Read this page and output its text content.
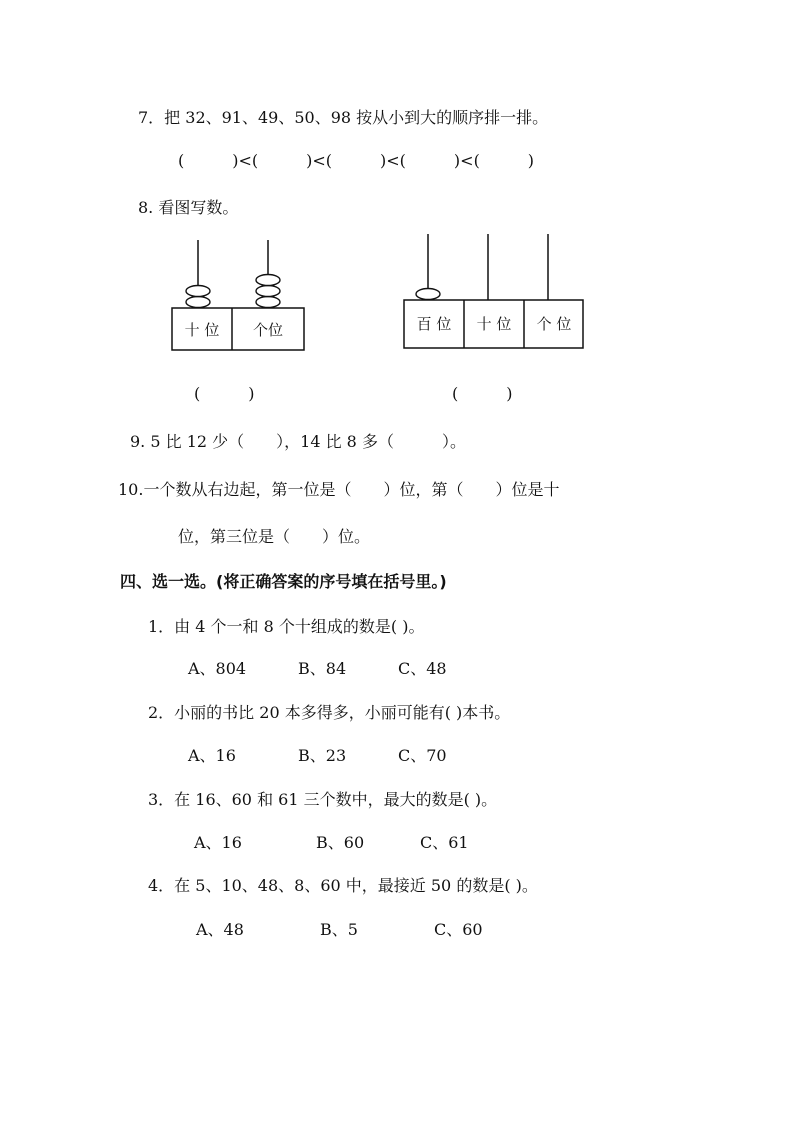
7．把 32、91、49、50、98 按从小到大的顺序排一排。
(　　　)<(　　　)<(　　　)<(　　　)<(　　　)
8. 看图写数。
十 位 个位	百 位 十 位 个 位
(　　　)	(　　　)
9. 5 比 12 少（　　），14 比 8 多（　　　）。
10.一个数从右边起，第一位是（　　）位，第（　　）位是十
位，第三位是（　　）位。
四、选一选。(将正确答案的序号填在括号里。)
1．由 4 个一和 8 个十组成的数是( )。
A、804	B、84	C、48
2．小丽的书比 20 本多得多，小丽可能有( )本书。
A、16	B、23	C、70
3．在 16、60 和 61 三个数中，最大的数是( )。
A、16	B、60	C、61
4．在 5、10、48、8、60 中，最接近 50 的数是( )。
A、48	B、5	C、60
